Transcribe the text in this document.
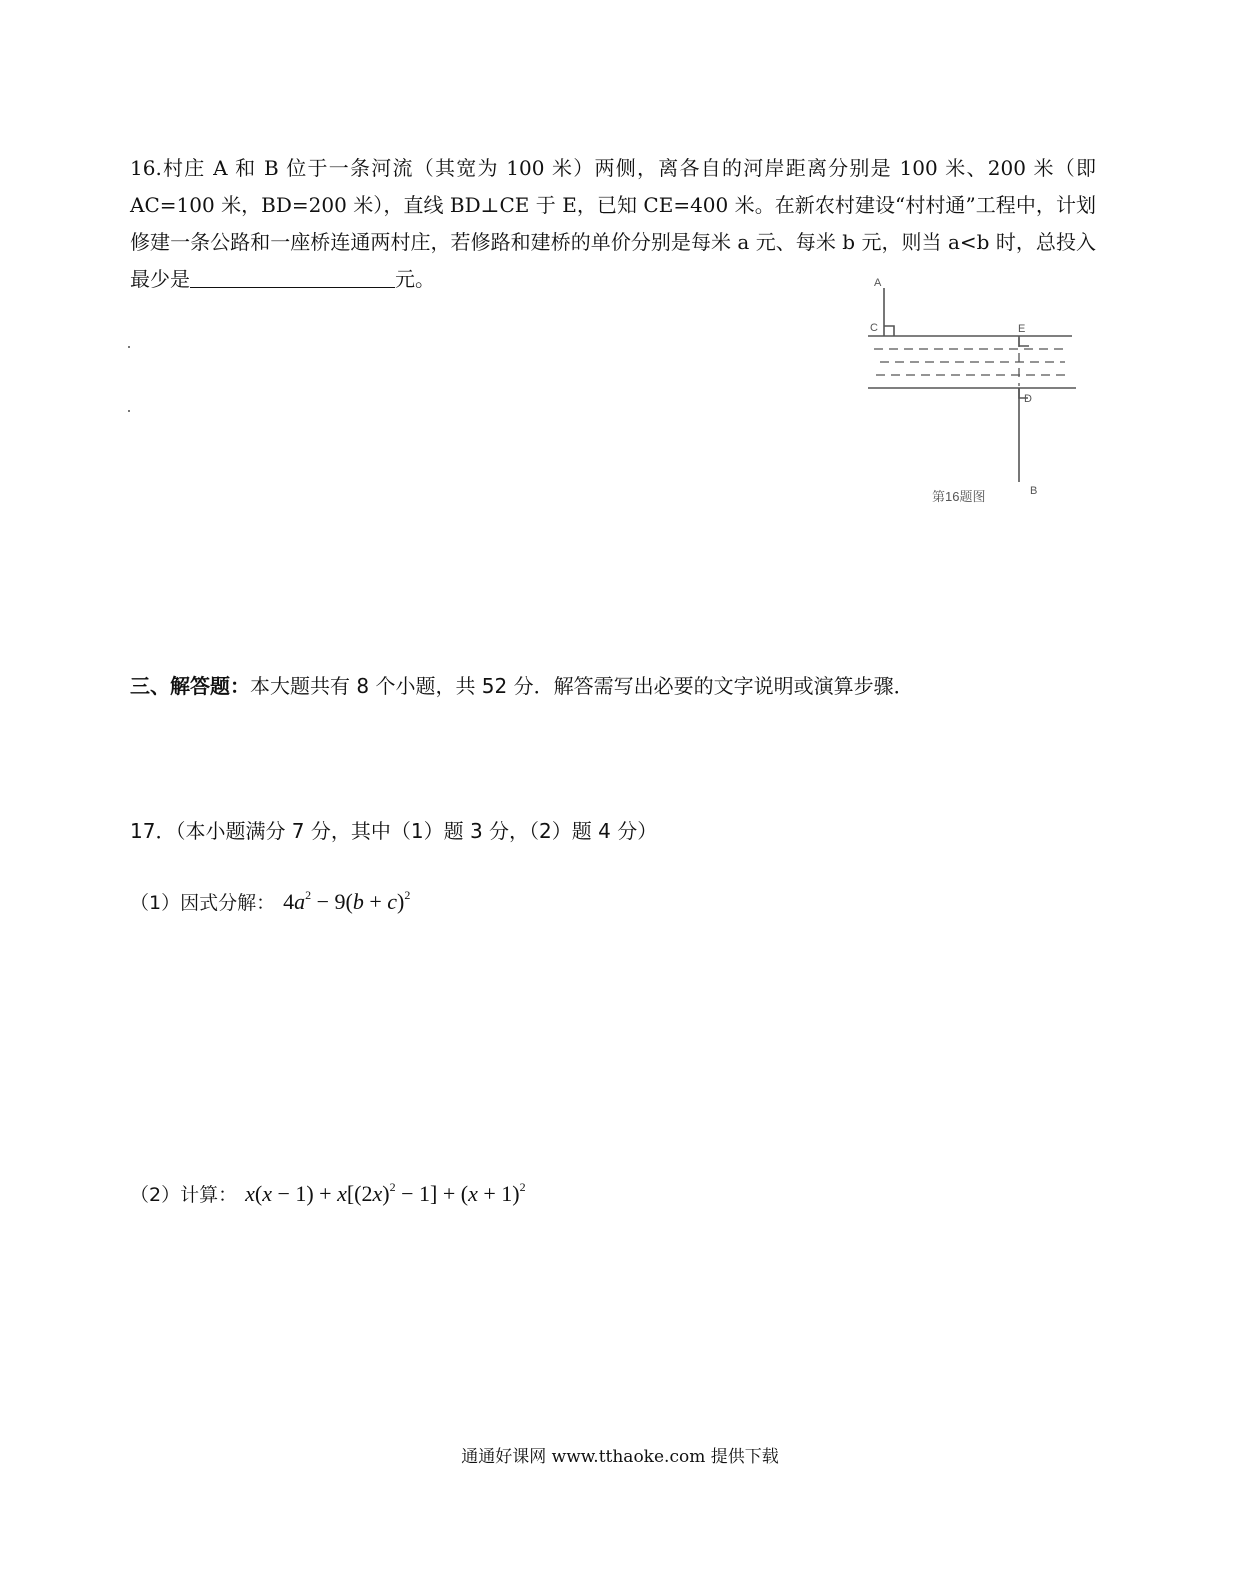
16.村庄 A 和 B 位于一条河流（其宽为 100 米）两侧，离各自的河岸距离分别是 100 米、200 米（即 AC=100 米，BD=200 米），直线 BD⊥CE 于 E，已知 CE=400 米。在新农村建设“村村通”工程中，计划修建一条公路和一座桥连通两村庄，若修路和建桥的单价分别是每米 a 元、每米 b 元，则当 a<b 时，总投入最少是	元。	A
C	E
D
B
第16题图
三、解答题：本大题共有 8 个小题，共 52 分．解答需写出必要的文字说明或演算步骤．
17．（本小题满分 7 分，其中（1）题 3 分，（2）题 4 分）
（1）因式分解： $4a^2 - 9(b + c)^2$
（2）计算： $x(x - 1) + x[(2x)^2 - 1] + (x + 1)^2$
通通好课网 www.tthaoke.com 提供下载
